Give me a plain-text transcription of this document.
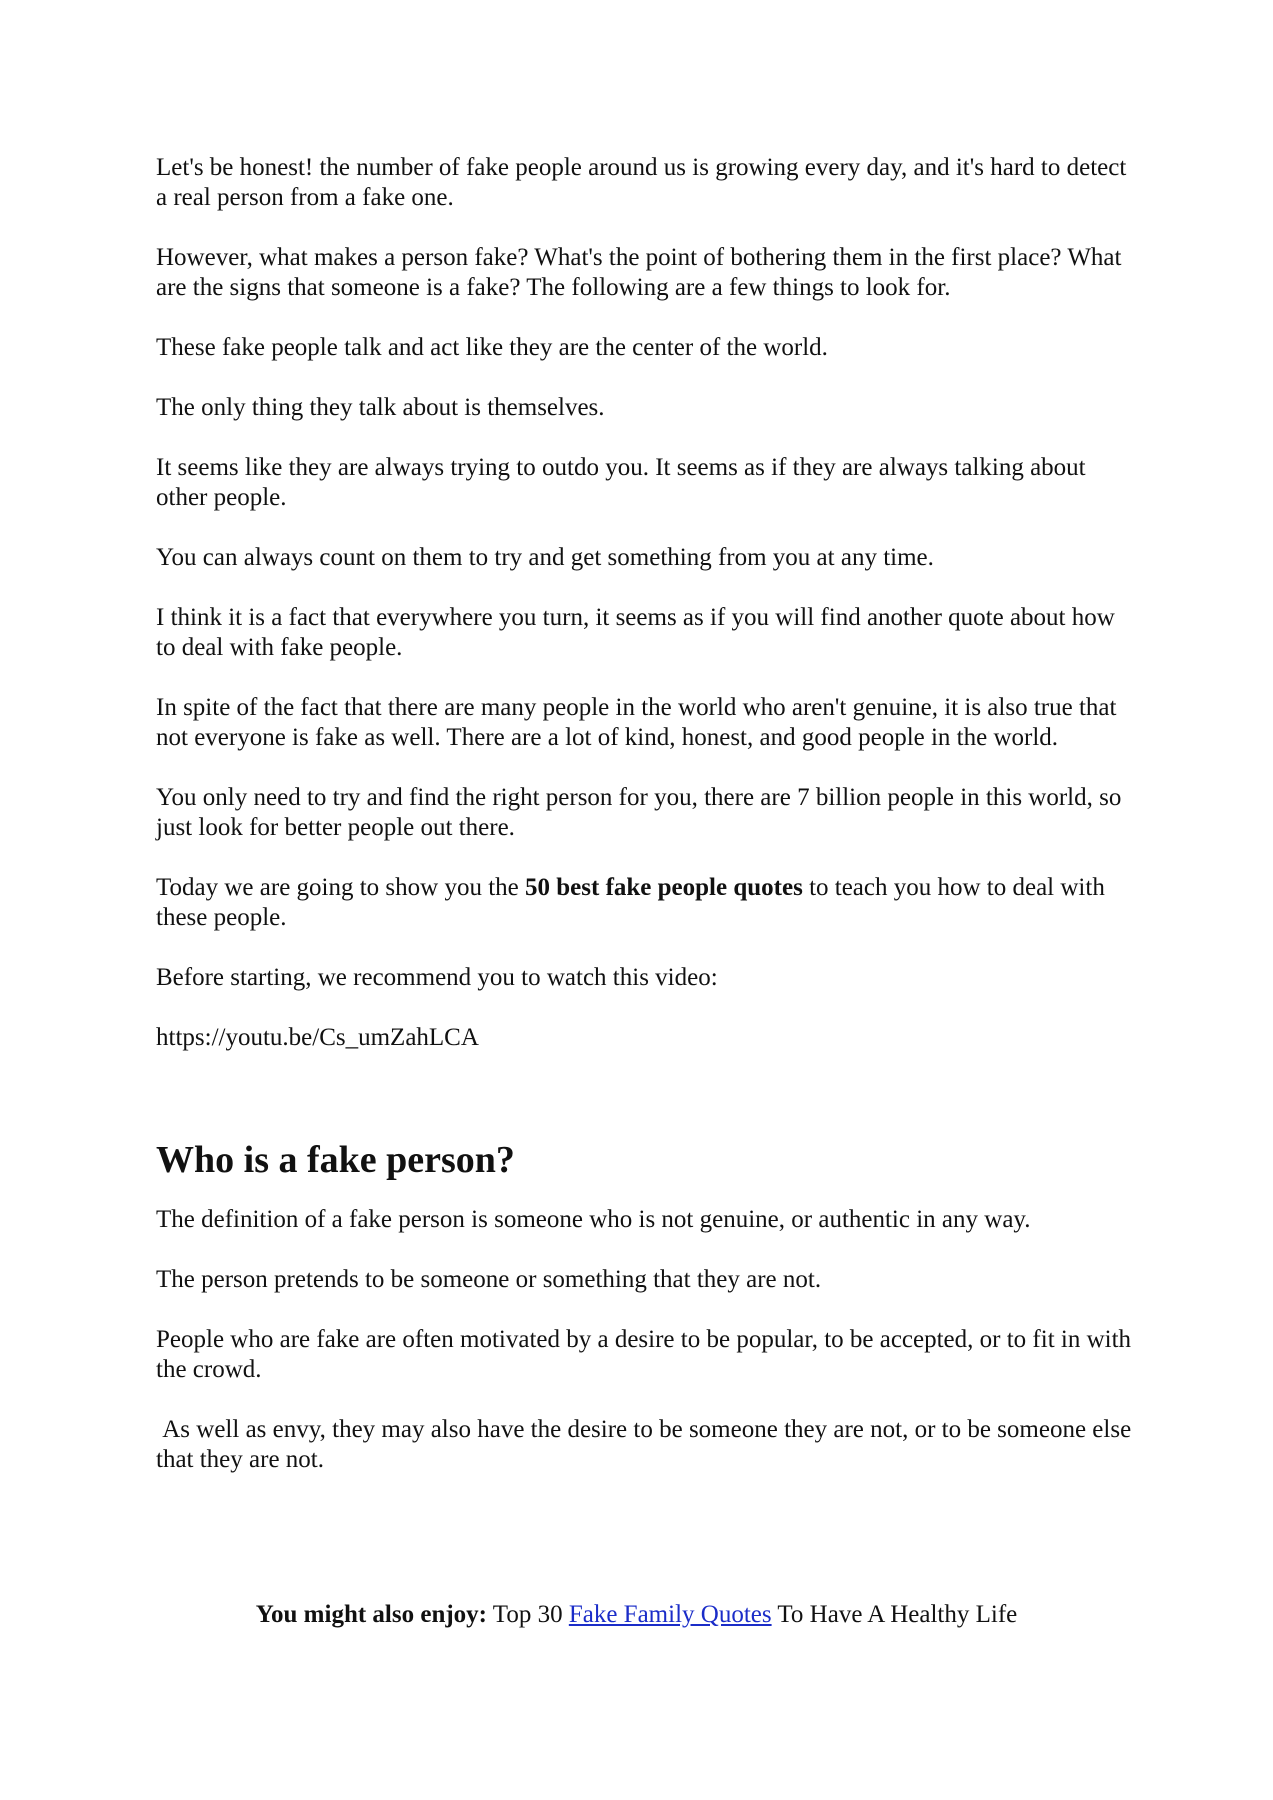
Let's be honest! the number of fake people around us is growing every day, and it's hard to detect a real person from a fake one.

However, what makes a person fake? What's the point of bothering them in the first place? What are the signs that someone is a fake? The following are a few things to look for.

These fake people talk and act like they are the center of the world.

The only thing they talk about is themselves.

It seems like they are always trying to outdo you. It seems as if they are always talking about other people.

You can always count on them to try and get something from you at any time.

I think it is a fact that everywhere you turn, it seems as if you will find another quote about how to deal with fake people.

In spite of the fact that there are many people in the world who aren't genuine, it is also true that not everyone is fake as well. There are a lot of kind, honest, and good people in the world.

You only need to try and find the right person for you, there are 7 billion people in this world, so just look for better people out there.

Today we are going to show you the 50 best fake people quotes to teach you how to deal with these people.

Before starting, we recommend you to watch this video:

https://youtu.be/Cs_umZahLCA

Who is a fake person?

The definition of a fake person is someone who is not genuine, or authentic in any way.

The person pretends to be someone or something that they are not.

People who are fake are often motivated by a desire to be popular, to be accepted, or to fit in with the crowd.

As well as envy, they may also have the desire to be someone they are not, or to be someone else that they are not.

You might also enjoy: Top 30 Fake Family Quotes To Have A Healthy Life
